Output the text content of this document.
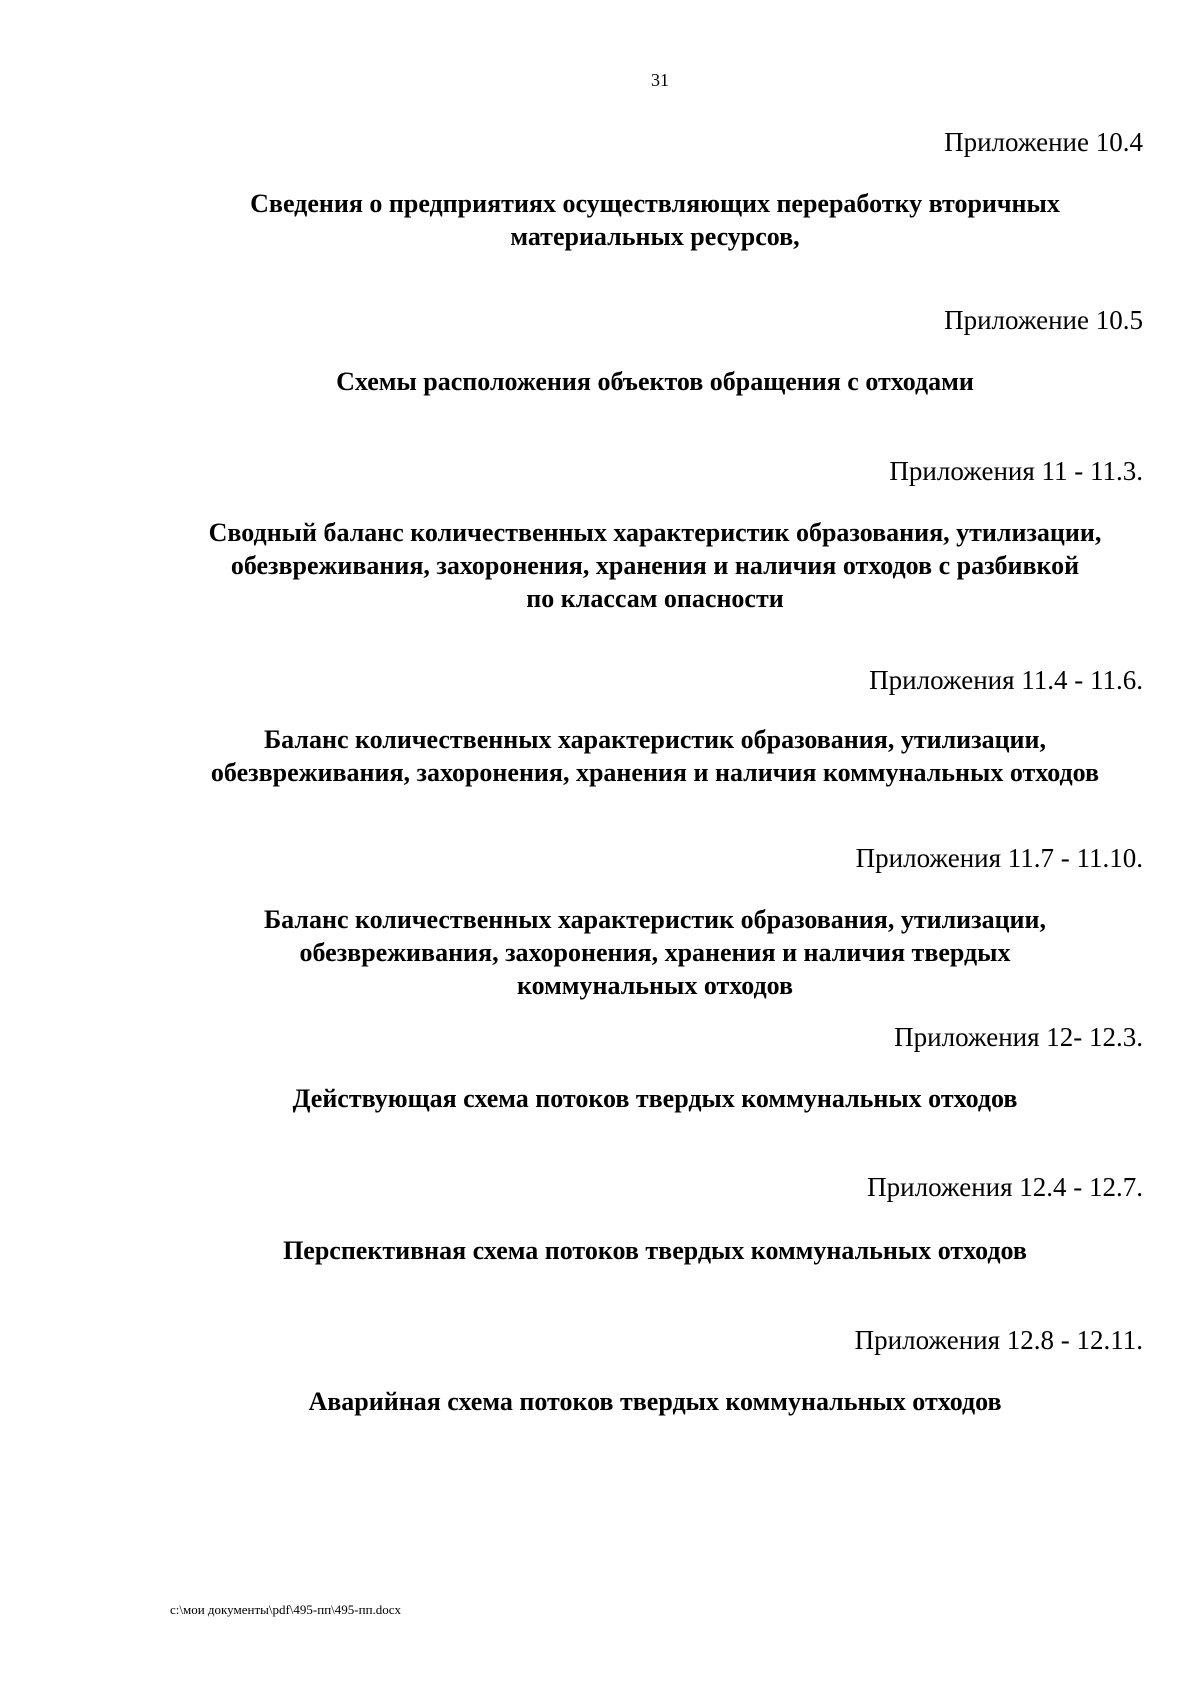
31
Приложение 10.4
Сведения о предприятиях осуществляющих переработку вторичных
материальных ресурсов,
Приложение 10.5
Схемы расположения объектов обращения с отходами
Приложения 11 - 11.3.
Сводный баланс количественных характеристик образования, утилизации,
обезвреживания, захоронения, хранения и наличия отходов с разбивкой
по классам опасности
Приложения 11.4 - 11.6.
Баланс количественных характеристик образования, утилизации,
обезвреживания, захоронения, хранения и наличия коммунальных отходов
Приложения 11.7 - 11.10.
Баланс количественных характеристик образования, утилизации,
обезвреживания, захоронения, хранения и наличия твердых
коммунальных отходов
Приложения 12- 12.3.
Действующая схема потоков твердых коммунальных отходов
Приложения 12.4 - 12.7.
Перспективная схема потоков твердых коммунальных отходов
Приложения 12.8 - 12.11.
Аварийная схема потоков твердых коммунальных отходов
c:\мои документы\pdf\495-пп\495-пп.docx
